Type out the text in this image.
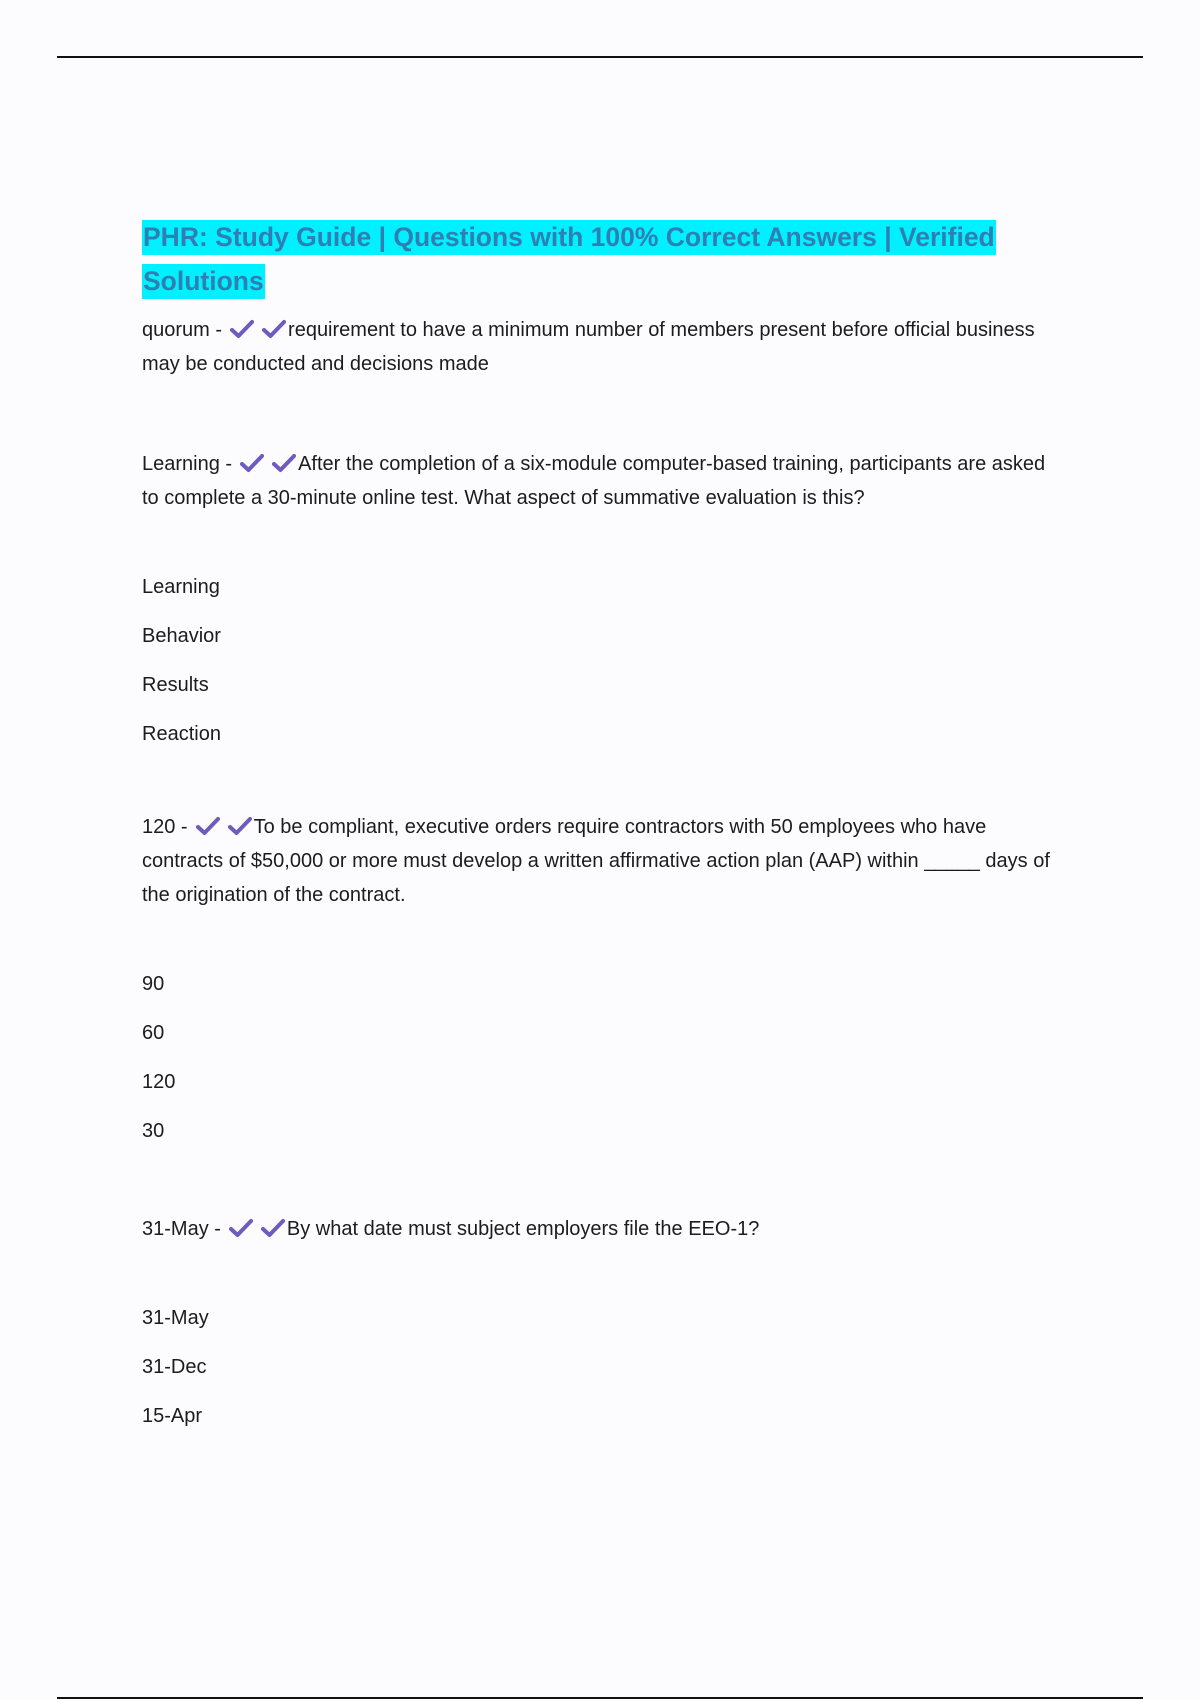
PHR: Study Guide | Questions with 100% Correct Answers | Verified Solutions

quorum -	requirement to have a minimum number of members present before official business may be conducted and decisions made

Learning -	After the completion of a six-module computer-based training, participants are asked to complete a 30-minute online test. What aspect of summative evaluation is this?

Learning
Behavior
Results
Reaction

120 -	To be compliant, executive orders require contractors with 50 employees who have contracts of $50,000 or more must develop a written affirmative action plan (AAP) within _____ days of the origination of the contract.

90
60
120
30

31-May -	By what date must subject employers file the EEO-1?

31-May
31-Dec
15-Apr
